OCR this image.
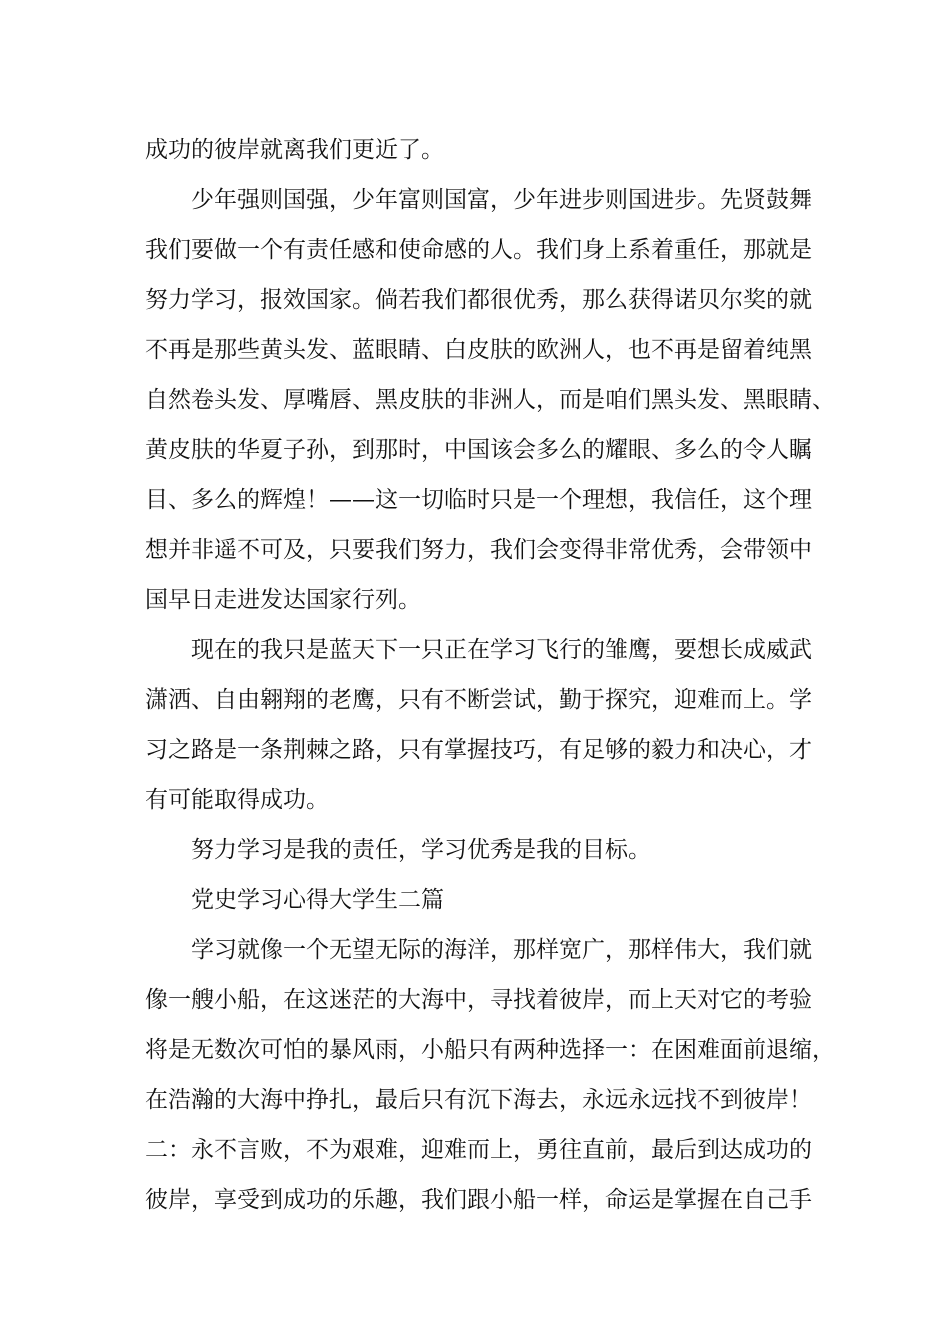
成功的彼岸就离我们更近了。
少年强则国强，少年富则国富，少年进步则国进步。先贤鼓舞
我们要做一个有责任感和使命感的人。我们身上系着重任，那就是
努力学习，报效国家。倘若我们都很优秀，那么获得诺贝尔奖的就
不再是那些黄头发、蓝眼睛、白皮肤的欧洲人，也不再是留着纯黑
自然卷头发、厚嘴唇、黑皮肤的非洲人，而是咱们黑头发、黑眼睛、
黄皮肤的华夏子孙，到那时，中国该会多么的耀眼、多么的令人瞩
目、多么的辉煌！——这一切临时只是一个理想，我信任，这个理
想并非遥不可及，只要我们努力，我们会变得非常优秀，会带领中
国早日走进发达国家行列。
现在的我只是蓝天下一只正在学习飞行的雏鹰，要想长成威武
潇洒、自由翱翔的老鹰，只有不断尝试，勤于探究，迎难而上。学
习之路是一条荆棘之路，只有掌握技巧，有足够的毅力和决心，才
有可能取得成功。
努力学习是我的责任，学习优秀是我的目标。
党史学习心得大学生二篇
学习就像一个无望无际的海洋，那样宽广，那样伟大，我们就
像一艘小船，在这迷茫的大海中，寻找着彼岸，而上天对它的考验
将是无数次可怕的暴风雨，小船只有两种选择一：在困难面前退缩，
在浩瀚的大海中挣扎，最后只有沉下海去，永远永远找不到彼岸！
二：永不言败，不为艰难，迎难而上，勇往直前，最后到达成功的
彼岸，享受到成功的乐趣，我们跟小船一样，命运是掌握在自己手
